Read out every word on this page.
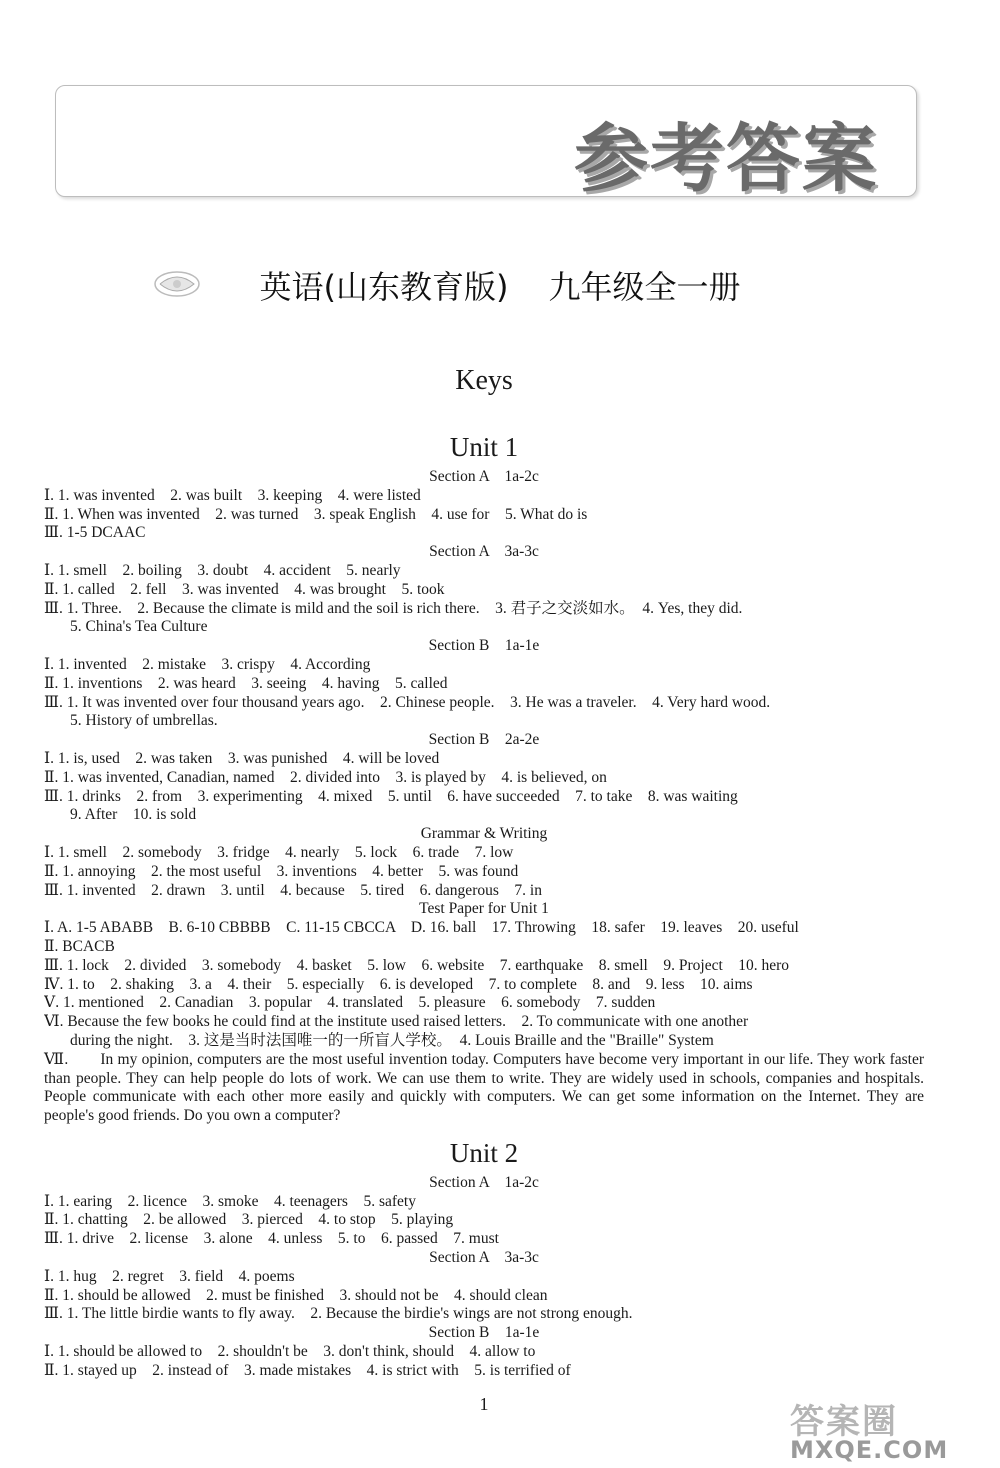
参考答案
英语(山东教育版) 九年级全一册
Keys
Unit 1
Section A　1a-2c
Ⅰ. 1. was invented　2. was built　3. keeping　4. were listed
Ⅱ. 1. When was invented　2. was turned　3. speak English　4. use for　5. What do is
Ⅲ. 1-5 DCAAC
Section A　3a-3c
Ⅰ. 1. smell　2. boiling　3. doubt　4. accident　5. nearly
Ⅱ. 1. called　2. fell　3. was invented　4. was brought　5. took
Ⅲ. 1. Three.　2. Because the climate is mild and the soil is rich there.　3. 君子之交淡如水。　4. Yes, they did.
5. China's Tea Culture
Section B　1a-1e
Ⅰ. 1. invented　2. mistake　3. crispy　4. According
Ⅱ. 1. inventions　2. was heard　3. seeing　4. having　5. called
Ⅲ. 1. It was invented over four thousand years ago.　2. Chinese people.　3. He was a traveler.　4. Very hard wood.
5. History of umbrellas.
Section B　2a-2e
Ⅰ. 1. is, used　2. was taken　3. was punished　4. will be loved
Ⅱ. 1. was invented, Canadian, named　2. divided into　3. is played by　4. is believed, on
Ⅲ. 1. drinks　2. from　3. experimenting　4. mixed　5. until　6. have succeeded　7. to take　8. was waiting
9. After　10. is sold
Grammar & Writing
Ⅰ. 1. smell　2. somebody　3. fridge　4. nearly　5. lock　6. trade　7. low
Ⅱ. 1. annoying　2. the most useful　3. inventions　4. better　5. was found
Ⅲ. 1. invented　2. drawn　3. until　4. because　5. tired　6. dangerous　7. in
Test Paper for Unit 1
Ⅰ. A. 1-5 ABABB　B. 6-10 CBBBB　C. 11-15 CBCCA　D. 16. ball　17. Throwing　18. safer　19. leaves　20. useful
Ⅱ. BCACB
Ⅲ. 1. lock　2. divided　3. somebody　4. basket　5. low　6. website　7. earthquake　8. smell　9. Project　10. hero
Ⅳ. 1. to　2. shaking　3. a　4. their　5. especially　6. is developed　7. to complete　8. and　9. less　10. aims
Ⅴ. 1. mentioned　2. Canadian　3. popular　4. translated　5. pleasure　6. somebody　7. sudden
Ⅵ. Because the few books he could find at the institute used raised letters.　2. To communicate with one another
during the night.　3. 这是当时法国唯一的一所盲人学校。　4. Louis Braille and the "Braille" System
Ⅶ.　　In my opinion, computers are the most useful invention today. Computers have become very important in our life. They work faster than people. They can help people do lots of work. We can use them to write. They are widely used in schools, companies and hospitals. People communicate with each other more easily and quickly with computers. We can get some information on the Internet. They are people's good friends. Do you own a computer?
Unit 2
Section A　1a-2c
Ⅰ. 1. earing　2. licence　3. smoke　4. teenagers　5. safety
Ⅱ. 1. chatting　2. be allowed　3. pierced　4. to stop　5. playing
Ⅲ. 1. drive　2. license　3. alone　4. unless　5. to　6. passed　7. must
Section A　3a-3c
Ⅰ. 1. hug　2. regret　3. field　4. poems
Ⅱ. 1. should be allowed　2. must be finished　3. should not be　4. should clean
Ⅲ. 1. The little birdie wants to fly away.　2. Because the birdie's wings are not strong enough.
Section B　1a-1e
Ⅰ. 1. should be allowed to　2. shouldn't be　3. don't think, should　4. allow to
Ⅱ. 1. stayed up　2. instead of　3. made mistakes　4. is strict with　5. is terrified of
1	答案圈
MXQE.COM
